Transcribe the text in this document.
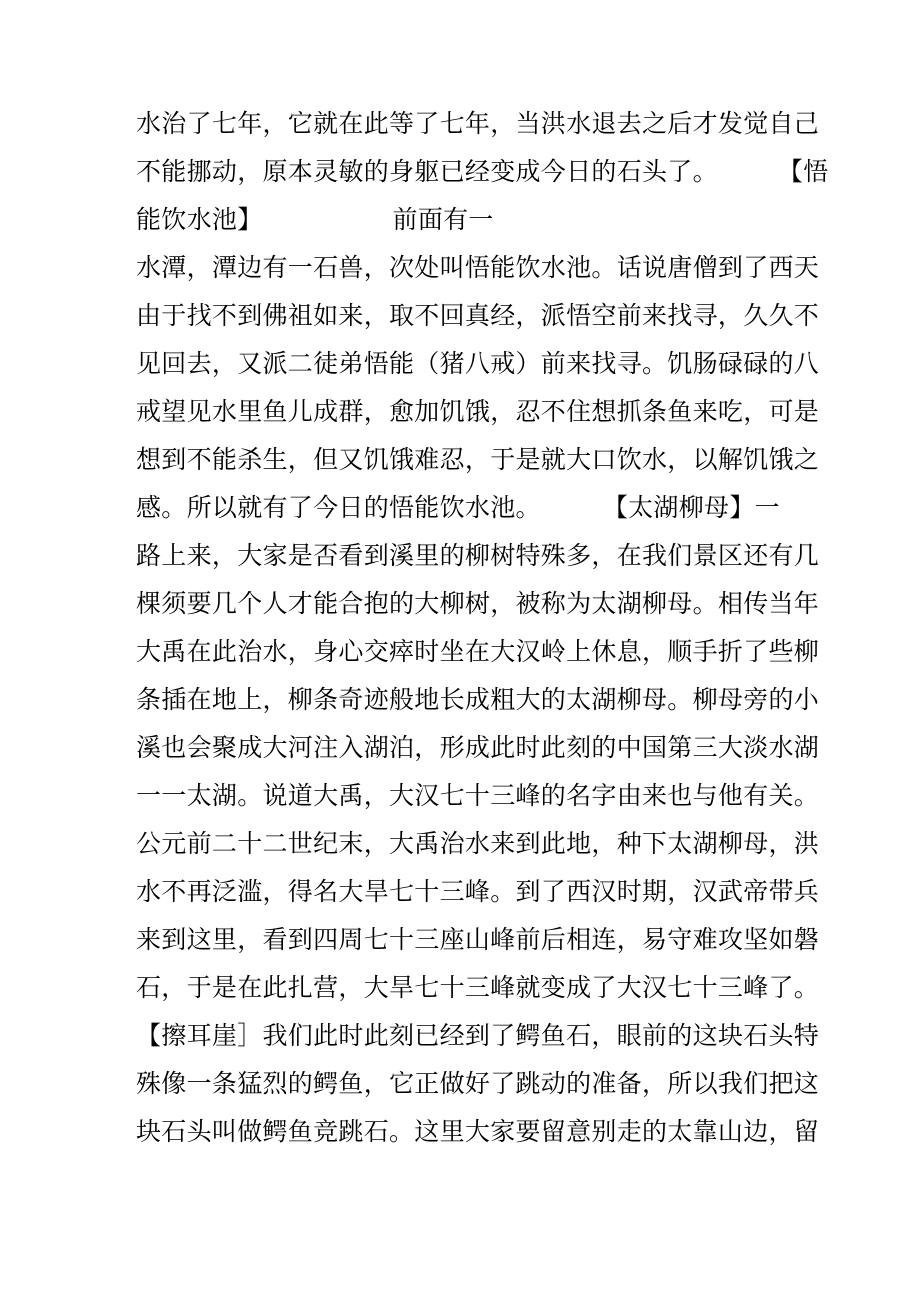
水治了七年，它就在此等了七年，当洪水退去之后才发觉自己
不能挪动，原本灵敏的身躯已经变成今日的石头了。 【悟
能饮水池】	前面有一
水潭，潭边有一石兽，次处叫悟能饮水池。话说唐僧到了西天
由于找不到佛祖如来，取不回真经，派悟空前来找寻，久久不
见回去，又派二徒弟悟能（猪八戒）前来找寻。饥肠碌碌的八
戒望见水里鱼儿成群，愈加饥饿，忍不住想抓条鱼来吃，可是
想到不能杀生，但又饥饿难忍，于是就大口饮水，以解饥饿之
感。所以就有了今日的悟能饮水池。 【太湖柳母】一
路上来，大家是否看到溪里的柳树特殊多，在我们景区还有几
棵须要几个人才能合抱的大柳树，被称为太湖柳母。相传当年
大禹在此治水，身心交瘁时坐在大汉岭上休息，顺手折了些柳
条插在地上，柳条奇迹般地长成粗大的太湖柳母。柳母旁的小
溪也会聚成大河注入湖泊，形成此时此刻的中国第三大淡水湖
一一太湖。说道大禹，大汉七十三峰的名字由来也与他有关。
公元前二十二世纪末，大禹治水来到此地，种下太湖柳母，洪
水不再泛滥，得名大旱七十三峰。到了西汉时期，汉武帝带兵
来到这里，看到四周七十三座山峰前后相连，易守难攻坚如磐
石，于是在此扎营，大旱七十三峰就变成了大汉七十三峰了。
【擦耳崖］我们此时此刻已经到了鳄鱼石，眼前的这块石头特
殊像一条猛烈的鳄鱼，它正做好了跳动的准备，所以我们把这
块石头叫做鳄鱼竞跳石。这里大家要留意别走的太靠山边，留
